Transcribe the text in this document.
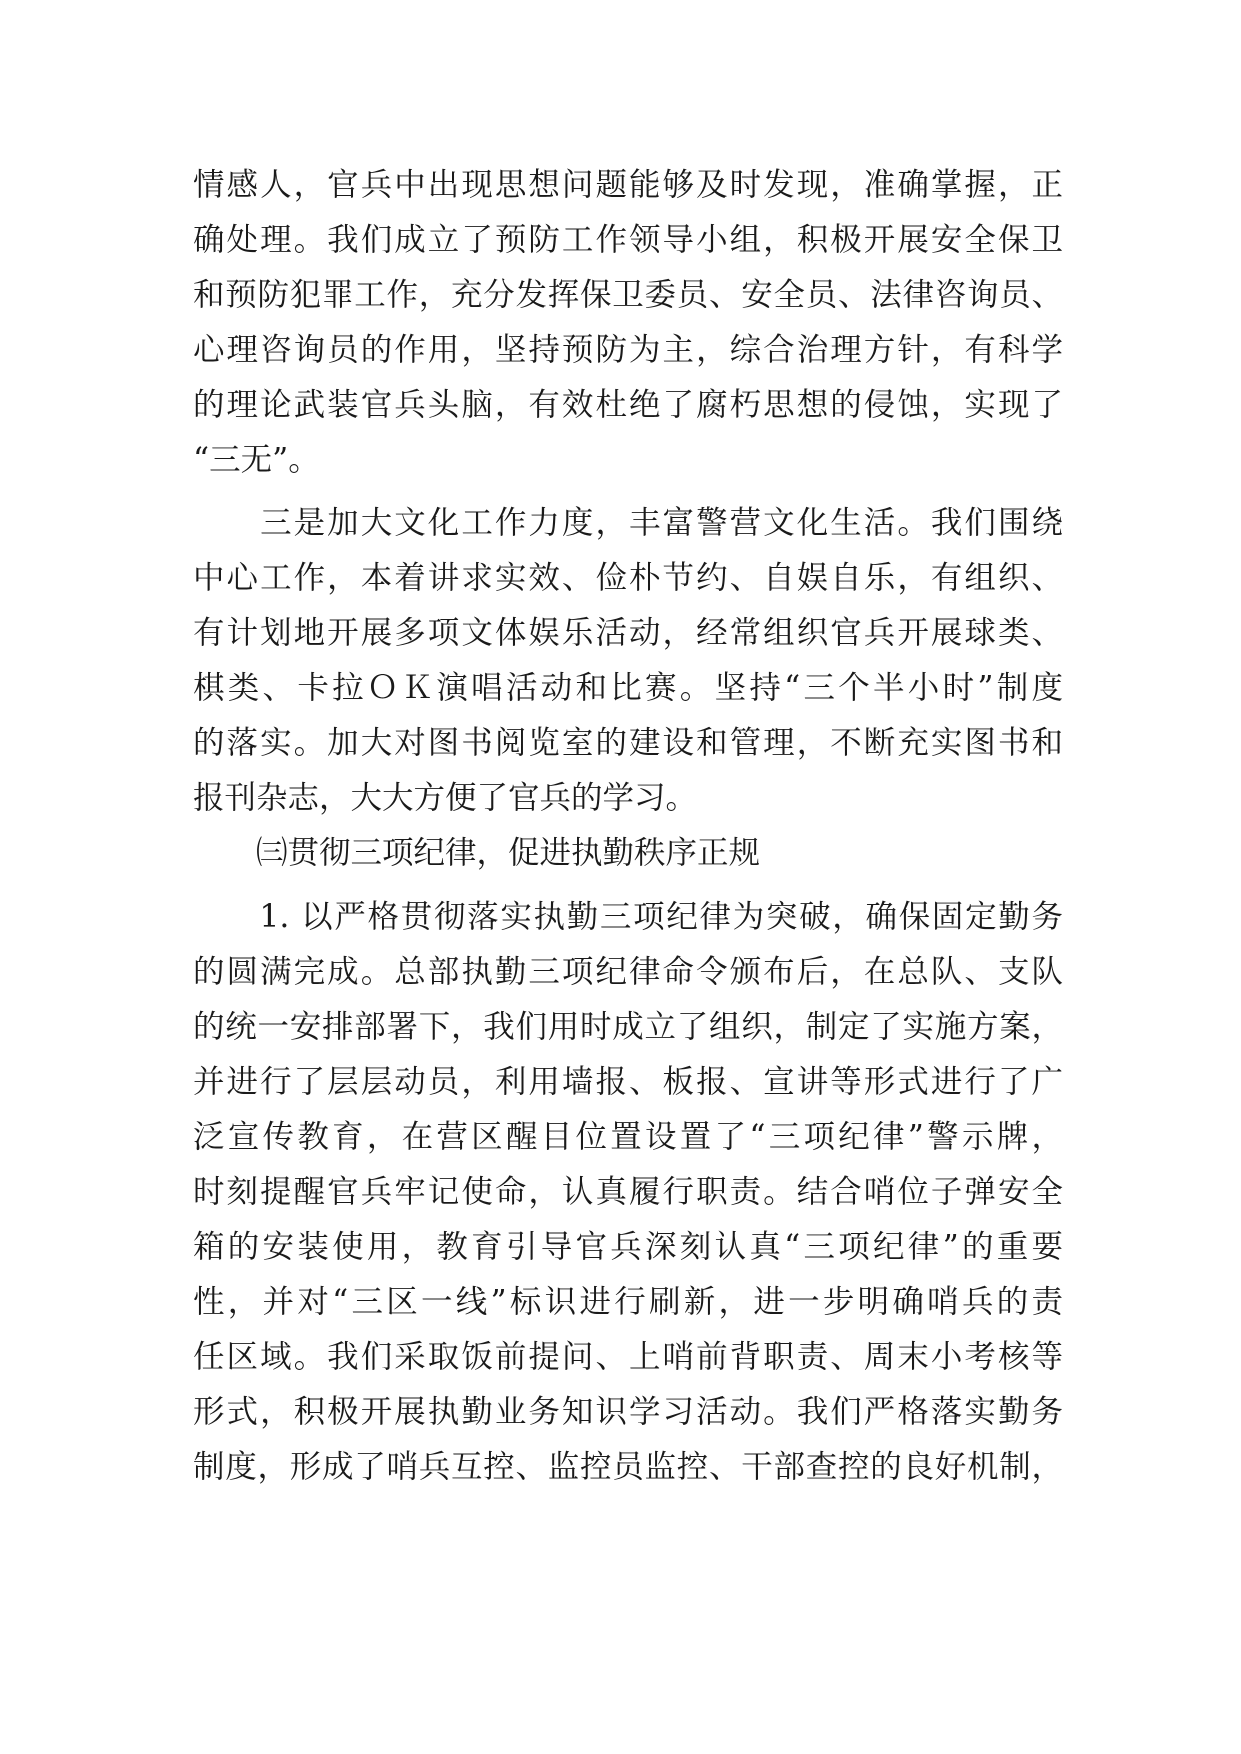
情感人，官兵中出现思想问题能够及时发现，准确掌握，正
确处理。我们成立了预防工作领导小组，积极开展安全保卫
和预防犯罪工作，充分发挥保卫委员、安全员、法律咨询员、
心理咨询员的作用，坚持预防为主，综合治理方针，有科学
的理论武装官兵头脑，有效杜绝了腐朽思想的侵蚀，实现了
“三无”。
　　三是加大文化工作力度，丰富警营文化生活。我们围绕
中心工作，本着讲求实效、俭朴节约、自娱自乐，有组织、
有计划地开展多项文体娱乐活动，经常组织官兵开展球类、
棋类、卡拉ＯＫ演唱活动和比赛。坚持“三个半小时”制度
的落实。加大对图书阅览室的建设和管理，不断充实图书和
报刊杂志，大大方便了官兵的学习。
　　㈢贯彻三项纪律，促进执勤秩序正规
　　1. 以严格贯彻落实执勤三项纪律为突破，确保固定勤务
的圆满完成。总部执勤三项纪律命令颁布后，在总队、支队
的统一安排部署下，我们用时成立了组织，制定了实施方案，
并进行了层层动员，利用墙报、板报、宣讲等形式进行了广
泛宣传教育，在营区醒目位置设置了“三项纪律”警示牌，
时刻提醒官兵牢记使命，认真履行职责。结合哨位子弹安全
箱的安装使用，教育引导官兵深刻认真“三项纪律”的重要
性，并对“三区一线”标识进行刷新，进一步明确哨兵的责
任区域。我们采取饭前提问、上哨前背职责、周末小考核等
形式，积极开展执勤业务知识学习活动。我们严格落实勤务
制度，形成了哨兵互控、监控员监控、干部查控的良好机制，
